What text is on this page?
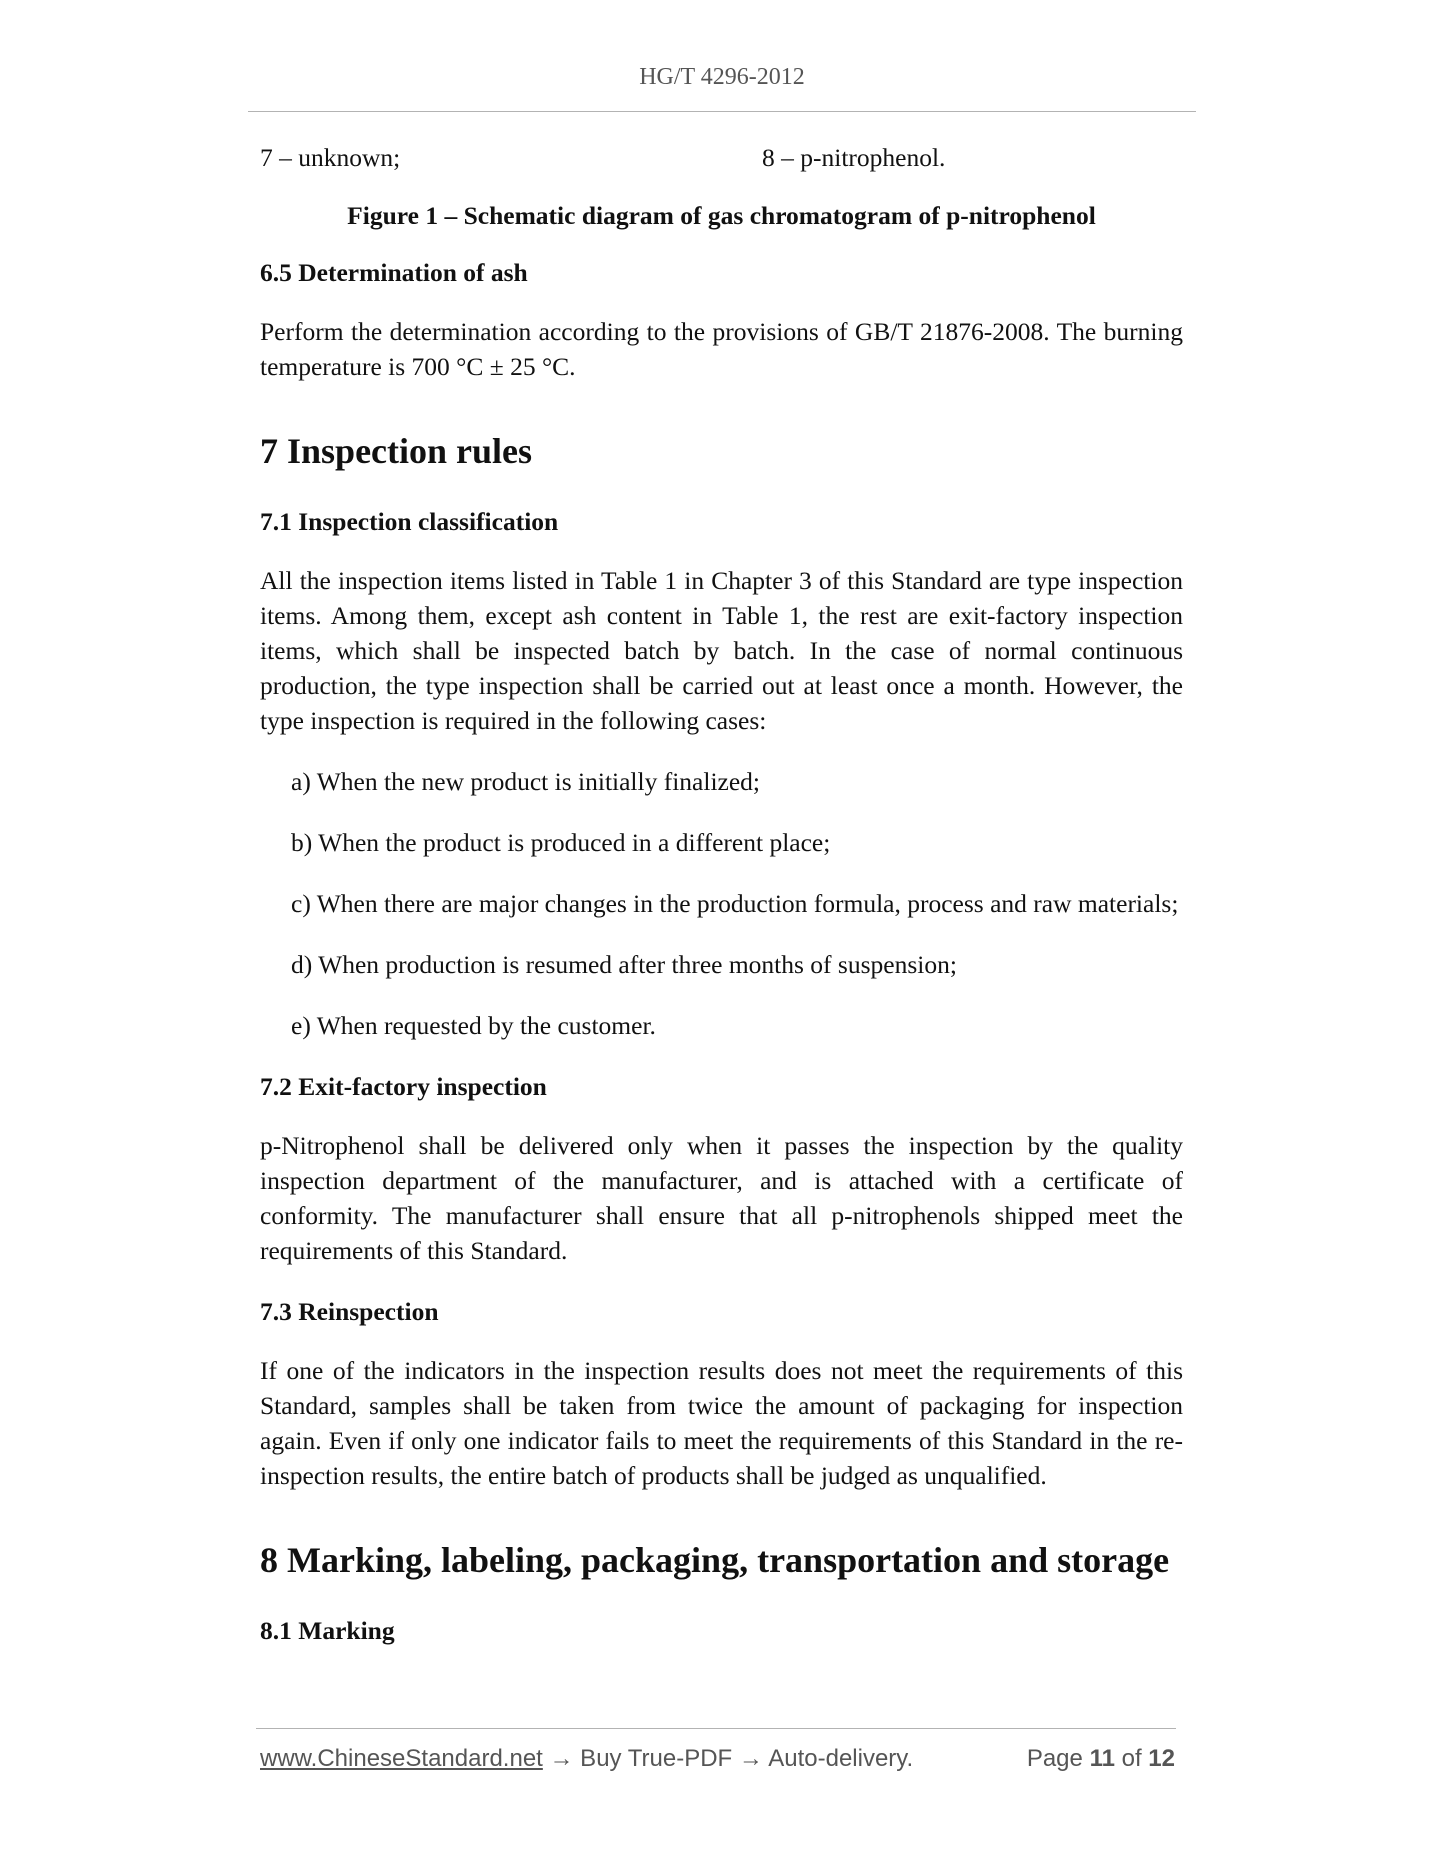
HG/T 4296-2012
7 – unknown;	8 – p-nitrophenol.
Figure 1 – Schematic diagram of gas chromatogram of p-nitrophenol
6.5 Determination of ash

Perform the determination according to the provisions of GB/T 21876-2008. The burning temperature is 700 °C ± 25 °C.

7 Inspection rules
7.1 Inspection classification

All the inspection items listed in Table 1 in Chapter 3 of this Standard are type inspection items. Among them, except ash content in Table 1, the rest are exit-factory inspection items, which shall be inspected batch by batch. In the case of normal continuous production, the type inspection shall be carried out at least once a month. However, the type inspection is required in the following cases:

a) When the new product is initially finalized;
b) When the product is produced in a different place;
c) When there are major changes in the production formula, process and raw materials;
d) When production is resumed after three months of suspension;
e) When requested by the customer.
7.2 Exit-factory inspection

p-Nitrophenol shall be delivered only when it passes the inspection by the quality inspection department of the manufacturer, and is attached with a certificate of conformity. The manufacturer shall ensure that all p-nitrophenols shipped meet the requirements of this Standard.

7.3 Reinspection

If one of the indicators in the inspection results does not meet the requirements of this Standard, samples shall be taken from twice the amount of packaging for inspection again. Even if only one indicator fails to meet the requirements of this Standard in the re-inspection results, the entire batch of products shall be judged as unqualified.

8 Marking, labeling, packaging, transportation and storage
8.1 Marking
www.ChineseStandard.net → Buy True-PDF → Auto-delivery.	Page 11 of 12
